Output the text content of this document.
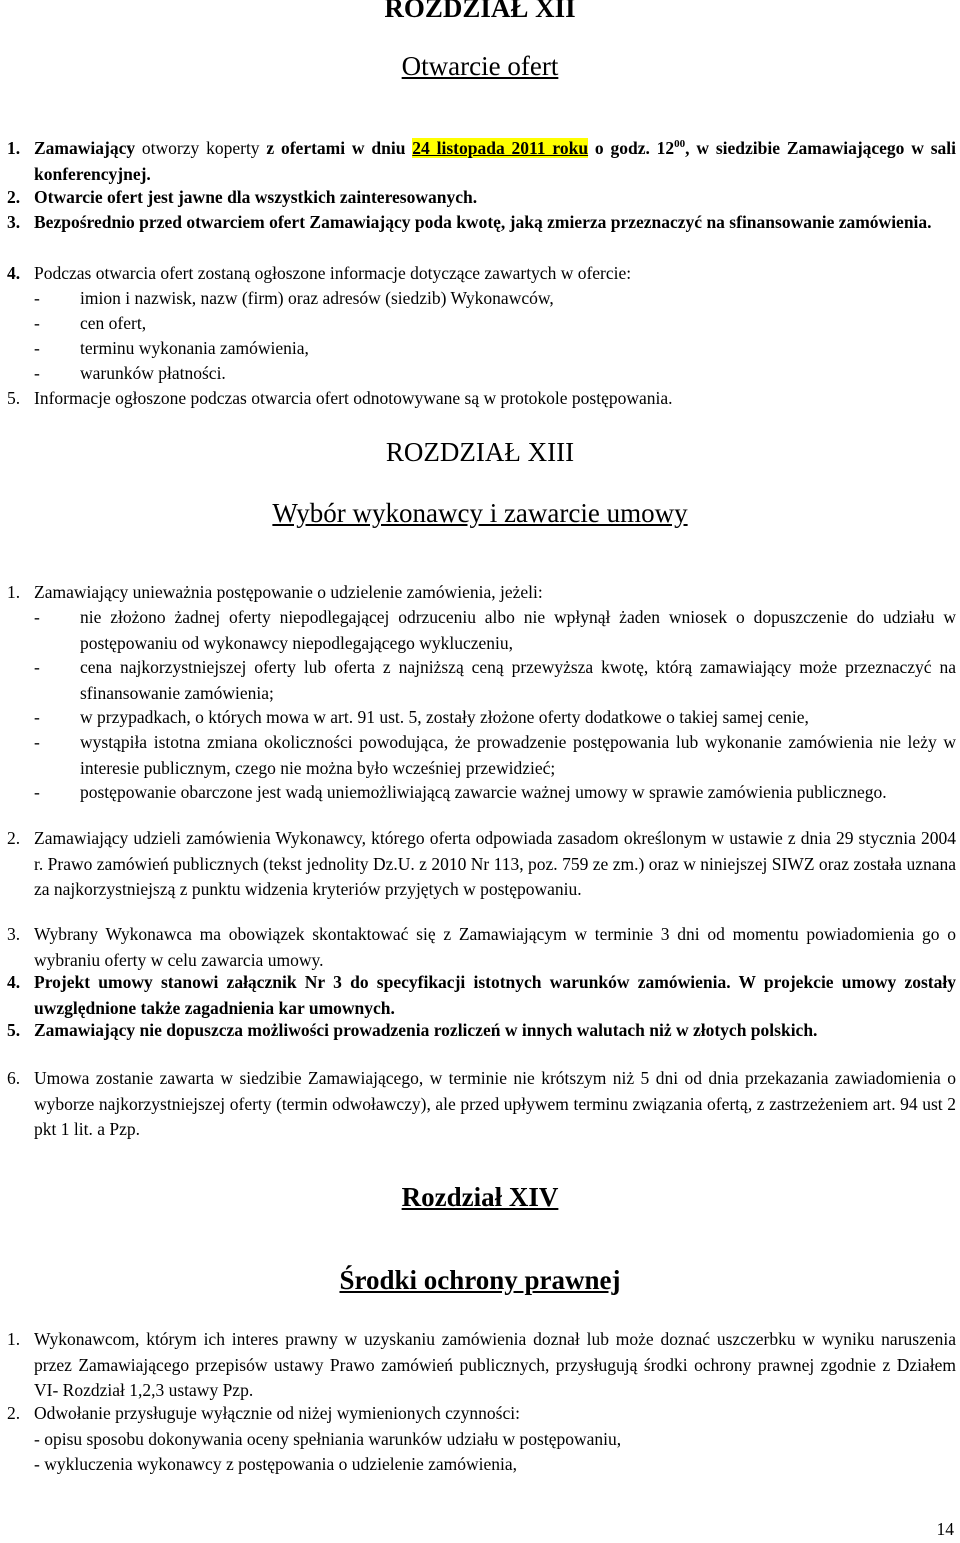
ROZDZIAŁ XII
Otwarcie ofert
1. Zamawiający otworzy koperty z ofertami w dniu 24 listopada 2011 roku o godz. $12^{00}$, w siedzibie Zamawiającego w sali konferencyjnej.
2. Otwarcie ofert jest jawne dla wszystkich zainteresowanych.
3. Bezpośrednio przed otwarciem ofert Zamawiający poda kwotę, jaką zmierza przeznaczyć na sfinansowanie zamówienia.
4. Podczas otwarcia ofert zostaną ogłoszone informacje dotyczące zawartych w ofercie:
- imion i nazwisk, nazw (firm) oraz adresów (siedzib) Wykonawców,
- cen ofert,
- terminu wykonania zamówienia,
- warunków płatności.
5. Informacje ogłoszone podczas otwarcia ofert odnotowywane są w protokole postępowania.
ROZDZIAŁ XIII
Wybór wykonawcy i zawarcie umowy
1. Zamawiający unieważnia postępowanie o udzielenie zamówienia, jeżeli:
- nie złożono żadnej oferty niepodlegającej odrzuceniu albo nie wpłynął żaden wniosek o dopuszczenie do udziału w postępowaniu od wykonawcy niepodlegającego wykluczeniu,
- cena najkorzystniejszej oferty lub oferta z najniższą ceną przewyższa kwotę, którą zamawiający może przeznaczyć na sfinansowanie zamówienia;
- w przypadkach, o których mowa w art. 91 ust. 5, zostały złożone oferty dodatkowe o takiej samej cenie,
- wystąpiła istotna zmiana okoliczności powodująca, że prowadzenie postępowania lub wykonanie zamówienia nie leży w interesie publicznym, czego nie można było wcześniej przewidzieć;
- postępowanie obarczone jest wadą uniemożliwiającą zawarcie ważnej umowy w sprawie zamówienia publicznego.
2. Zamawiający udzieli zamówienia Wykonawcy, którego oferta odpowiada zasadom określonym w ustawie z dnia 29 stycznia 2004 r. Prawo zamówień publicznych (tekst jednolity Dz.U. z 2010 Nr 113, poz. 759 ze zm.) oraz w niniejszej SIWZ oraz została uznana za najkorzystniejszą z punktu widzenia kryteriów przyjętych w postępowaniu.
3. Wybrany Wykonawca ma obowiązek skontaktować się z Zamawiającym w terminie 3 dni od momentu powiadomienia go o wybraniu oferty w celu zawarcia umowy.
4. Projekt umowy stanowi załącznik Nr 3 do specyfikacji istotnych warunków zamówienia. W projekcie umowy zostały uwzględnione także zagadnienia kar umownych.
5. Zamawiający nie dopuszcza możliwości prowadzenia rozliczeń w innych walutach niż w złotych polskich.
6. Umowa zostanie zawarta w siedzibie Zamawiającego, w terminie nie krótszym niż 5 dni od dnia przekazania zawiadomienia o wyborze najkorzystniejszej oferty (termin odwoławczy), ale przed upływem terminu związania ofertą, z zastrzeżeniem art. 94 ust 2 pkt 1 lit. a Pzp.
Rozdział XIV
Środki ochrony prawnej
1. Wykonawcom, którym ich interes prawny w uzyskaniu zamówienia doznał lub może doznać uszczerbku w wyniku naruszenia przez Zamawiającego przepisów ustawy Prawo zamówień publicznych, przysługują środki ochrony prawnej zgodnie z Działem VI- Rozdział 1,2,3 ustawy Pzp.
2. Odwołanie przysługuje wyłącznie od niżej wymienionych czynności:
- opisu sposobu dokonywania oceny spełniania warunków udziału w postępowaniu,
- wykluczenia wykonawcy z postępowania o udzielenie zamówienia,
14
